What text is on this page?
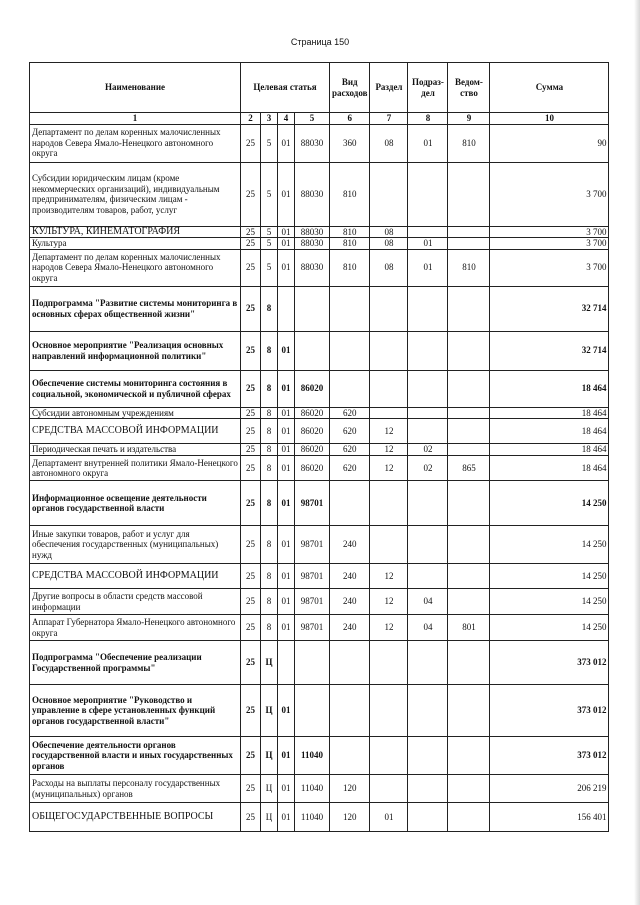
Страница 150
Наименование	Целевая статья				Вид расходов	Раздел	Подраз-дел	Ведом-ство	Сумма
1	2	3	4	5	6	7	8	9	10
Департамент по делам коренных малочисленных народов Севера Ямало-Ненецкого автономного округа	25	5	01	88030	360	08	01	810	90
Субсидии юридическим лицам (кроме некоммерческих организаций), индивидуальным предпринимателям, физическим лицам - производителям товаров, работ, услуг	25	5	01	88030	810				3 700
КУЛЬТУРА, КИНЕМАТОГРАФИЯ	25	5	01	88030	810	08			3 700
Культура	25	5	01	88030	810	08	01		3 700
Департамент по делам коренных малочисленных народов Севера Ямало-Ненецкого автономного округа	25	5	01	88030	810	08	01	810	3 700
Подпрограмма "Развитие системы мониторинга в основных сферах общественной жизни"	25	8							32 714
Основное мероприятие "Реализация основных направлений информационной политики"	25	8	01						32 714
Обеспечение системы мониторинга состояния в социальной, экономической и публичной сферах	25	8	01	86020					18 464
Субсидии автономным учреждениям	25	8	01	86020	620				18 464
СРЕДСТВА МАССОВОЙ ИНФОРМАЦИИ	25	8	01	86020	620	12			18 464
Периодическая печать и издательства	25	8	01	86020	620	12	02		18 464
Департамент внутренней политики Ямало-Ненецкого автономного округа	25	8	01	86020	620	12	02	865	18 464
Информационное освещение деятельности органов государственной власти	25	8	01	98701					14 250
Иные закупки товаров, работ и услуг для обеспечения государственных (муниципальных) нужд	25	8	01	98701	240				14 250
СРЕДСТВА МАССОВОЙ ИНФОРМАЦИИ	25	8	01	98701	240	12			14 250
Другие вопросы в области средств массовой информации	25	8	01	98701	240	12	04		14 250
Аппарат Губернатора Ямало-Ненецкого автономного округа	25	8	01	98701	240	12	04	801	14 250
Подпрограмма "Обеспечение реализации Государственной программы"	25	Ц							373 012
Основное мероприятие "Руководство и управление в сфере установленных функций органов государственной власти"	25	Ц	01						373 012
Обеспечение деятельности органов государственной власти и иных государственных органов	25	Ц	01	11040					373 012
Расходы на выплаты персоналу государственных (муниципальных) органов	25	Ц	01	11040	120				206 219
ОБЩЕГОСУДАРСТВЕННЫЕ ВОПРОСЫ	25	Ц	01	11040	120	01			156 401
